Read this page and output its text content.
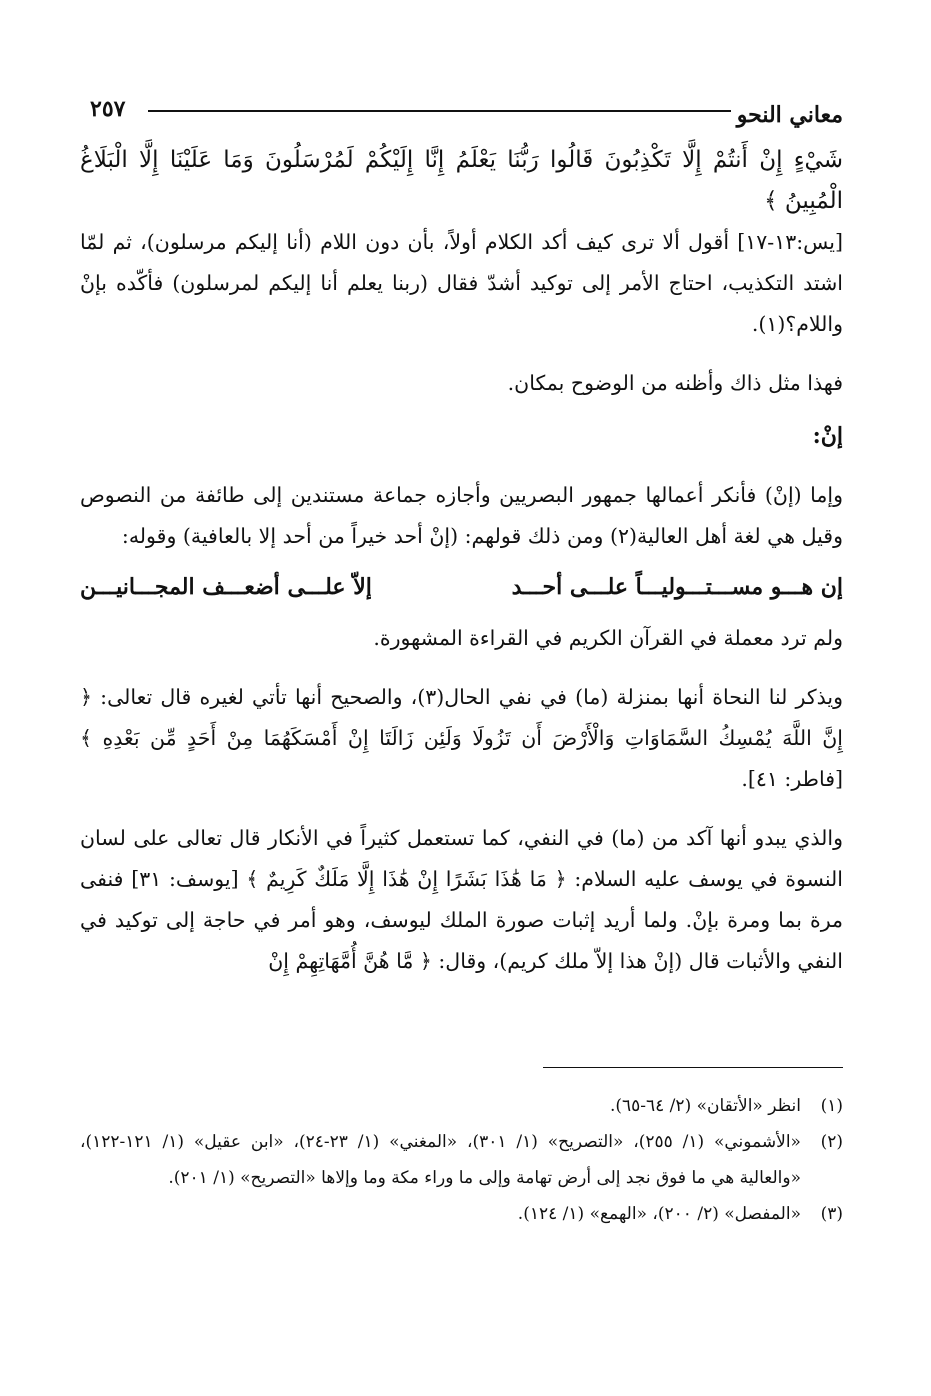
معاني النحو
٢٥٧

شَيْءٍ إِنْ أَنتُمْ إِلَّا تَكْذِبُونَ قَالُوا رَبُّنَا يَعْلَمُ إِنَّا إِلَيْكُمْ لَمُرْسَلُونَ وَمَا عَلَيْنَا إِلَّا الْبَلَاغُ الْمُبِينُ ﴾

[يس:١٣-١٧] أقول ألا ترى كيف أكد الكلام أولاً، بأن دون اللام (أنا إليكم مرسلون)، ثم لمّا اشتد التكذيب، احتاج الأمر إلى توكيد أشدّ فقال (ربنا يعلم أنا إليكم لمرسلون) فأكّده بإنْ واللام؟(١).

فهذا مثل ذاك وأظنه من الوضوح بمكان.

إنْ:

وإما (إنْ) فأنكر أعمالها جمهور البصريين وأجازه جماعة مستندين إلى طائفة من النصوص وقيل هي لغة أهل العالية(٢) ومن ذلك قولهم: (إنْ أحد خيراً من أحد إلا بالعافية) وقوله:

إن هـــو مســـتـــوليـــاً علـــى أحـــد
إلاّ علـــى أضعـــف المجـــانيـــن

ولم ترد معملة في القرآن الكريم في القراءة المشهورة.

ويذكر لنا النحاة أنها بمنزلة (ما) في نفي الحال(٣)، والصحيح أنها تأتي لغيره قال تعالى: ﴿ إِنَّ اللَّهَ يُمْسِكُ السَّمَاوَاتِ وَالْأَرْضَ أَن تَزُولَا وَلَئِن زَالَتَا إِنْ أَمْسَكَهُمَا مِنْ أَحَدٍ مِّن بَعْدِهِ ﴾ [فاطر: ٤١].

والذي يبدو أنها آكد من (ما) في النفي، كما تستعمل كثيراً في الأنكار قال تعالى على لسان النسوة في يوسف عليه السلام: ﴿ مَا هَٰذَا بَشَرًا إِنْ هَٰذَا إِلَّا مَلَكٌ كَرِيمٌ ﴾ [يوسف: ٣١] فنفى مرة بما ومرة بإنْ. ولما أريد إثبات صورة الملك ليوسف، وهو أمر في حاجة إلى توكيد في النفي والأثبات قال (إنْ هذا إلاّ ملك كريم)، وقال: ﴿ مَّا هُنَّ أُمَّهَاتِهِمْ إِنْ

(١)
انظر «الأتقان» (٢/ ٦٤-٦٥).
(٢)
«الأشموني» (١/ ٢٥٥)، «التصريح» (١/ ٣٠١)، «المغني» (١/ ٢٣-٢٤)، «ابن عقيل» (١/ ١٢١-١٢٢)، «والعالية هي ما فوق نجد إلى أرض تهامة وإلى ما وراء مكة وما وإلاها «التصريح» (١/ ٢٠١).
(٣)
«المفصل» (٢/ ٢٠٠)، «الهمع» (١/ ١٢٤).
